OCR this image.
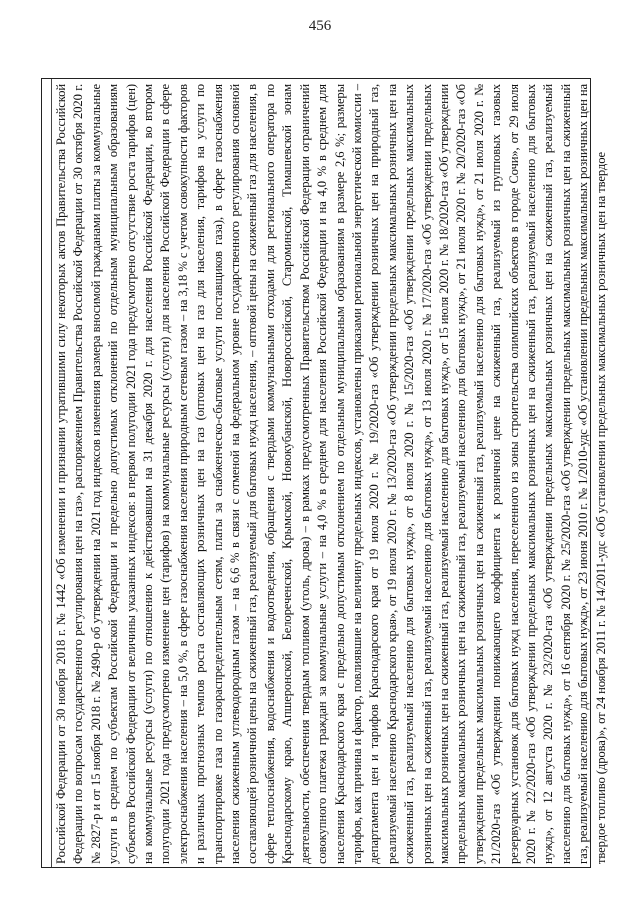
456

Российской Федерации от 30 ноября 2018 г. № 1442 «Об изменении и признании утратившими силу некоторых актов Правительства Российской Федерации по вопросам государственного регулирования цен на газ», распоряжением Правительства Российской Федерации от 30 октября 2020 г. № 2827-р и от 15 ноября 2018 г. № 2490-р об утверждении на 2021 год индексов изменения размера вносимой гражданами платы за коммунальные услуги в среднем по субъектам Российской Федерации и предельно допустимых отклонений по отдельным муниципальным образованиям субъектов Российской Федерации от величины указанных индексов: в первом полугодии 2021 года предусмотрено отсутствие роста тарифов (цен) на коммунальные ресурсы (услуги) по отношению к действовавшим на 31 декабря 2020 г. для населения Российской Федерации, во втором полугодии 2021 года предусмотрено изменение цен (тарифов) на коммунальные ресурсы (услуги) для населения Российской Федерации в сфере электроснабжения населения – на 5,0 %, в сфере газоснабжения населения природным сетевым газом – на 3,18 % с учетом совокупности факторов и различных прогнозных темпов роста составляющих розничных цен на газ (оптовых цен на газ для населения, тарифов на услуги по транспортировке газа по газораспределительным сетям, платы за снабженческо-сбытовые услуги поставщиков газа), в сфере газоснабжения населения сжиженным углеводородным газом – на 6,6 % в связи с отменой на федеральном уровне государственного регулирования основной составляющей розничной цены на сжиженный газ, реализуемый для бытовых нужд населения, – оптовой цены на сжиженный газ для населения, в сфере теплоснабжения, водоснабжения и водоотведения, обращения с твердыми коммунальными отходами для регионального оператора по Краснодарскому краю, Апшеронской, Белореченской, Крымской, Новокубанской, Новороссийской, Староминской, Тимашевской зонам деятельности, обеспечения твердым топливом (уголь, дрова) – в рамках предусмотренных Правительством Российской Федерации ограничений совокупного платежа граждан за коммунальные услуги – на 4,0 % в среднем для населения Российской Федерации и на 4,0 % в среднем для населения Краснодарского края с предельно допустимым отклонением по отдельным муниципальным образованиям в размере 2,6 %; размеры тарифов, как причина и фактор, повлиявшие на величину предельных индексов, установлены приказами региональной энергетической комиссии – департамента цен и тарифов Краснодарского края от 19 июля 2020 г. № 19/2020-газ «Об утверждении розничных цен на природный газ, реализуемый населению Краснодарского края», от 19 июля 2020 г. № 13/2020-газ «Об утверждении предельных максимальных розничных цен на сжиженный газ, реализуемый населению для бытовых нужд», от 8 июля 2020 г. № 15/2020-газ «Об утверждении предельных максимальных розничных цен на сжиженный газ, реализуемый населению для бытовых нужд», от 13 июля 2020 г. № 17/2020-газ «Об утверждении предельных максимальных розничных цен на сжиженный газ, реализуемый населению для бытовых нужд», от 15 июля 2020 г. № 18/2020-газ «Об утверждении предельных максимальных розничных цен на сжиженный газ, реализуемый населению для бытовых нужд», от 21 июля 2020 г. № 20/2020-газ «Об утверждении предельных максимальных розничных цен на сжиженный газ, реализуемый населению для бытовых нужд», от 21 июля 2020 г. № 21/2020-газ «Об утверждении понижающего коэффициента к розничной цене на сжиженный газ, реализуемый из групповых газовых резервуарных установок для бытовых нужд населения, переселенного из зоны строительства олимпийских объектов в городе Сочи», от 29 июля 2020 г. № 22/2020-газ «Об утверждении предельных максимальных розничных цен на сжиженный газ, реализуемый населению для бытовых нужд», от 12 августа 2020 г. № 23/2020-газ «Об утверждении предельных максимальных розничных цен на сжиженный газ, реализуемый населению для бытовых нужд», от 16 сентября 2020 г. № 25/2020-газ «Об утверждении предельных максимальных розничных цен на сжиженный газ, реализуемый населению для бытовых нужд», от 23 июня 2010 г. № 1/2010-удс «Об установлении предельных максимальных розничных цен на твердое топливо (дрова)», от 24 ноября 2011 г. № 14/2011-удс «Об установлении предельных максимальных розничных цен на твердое
